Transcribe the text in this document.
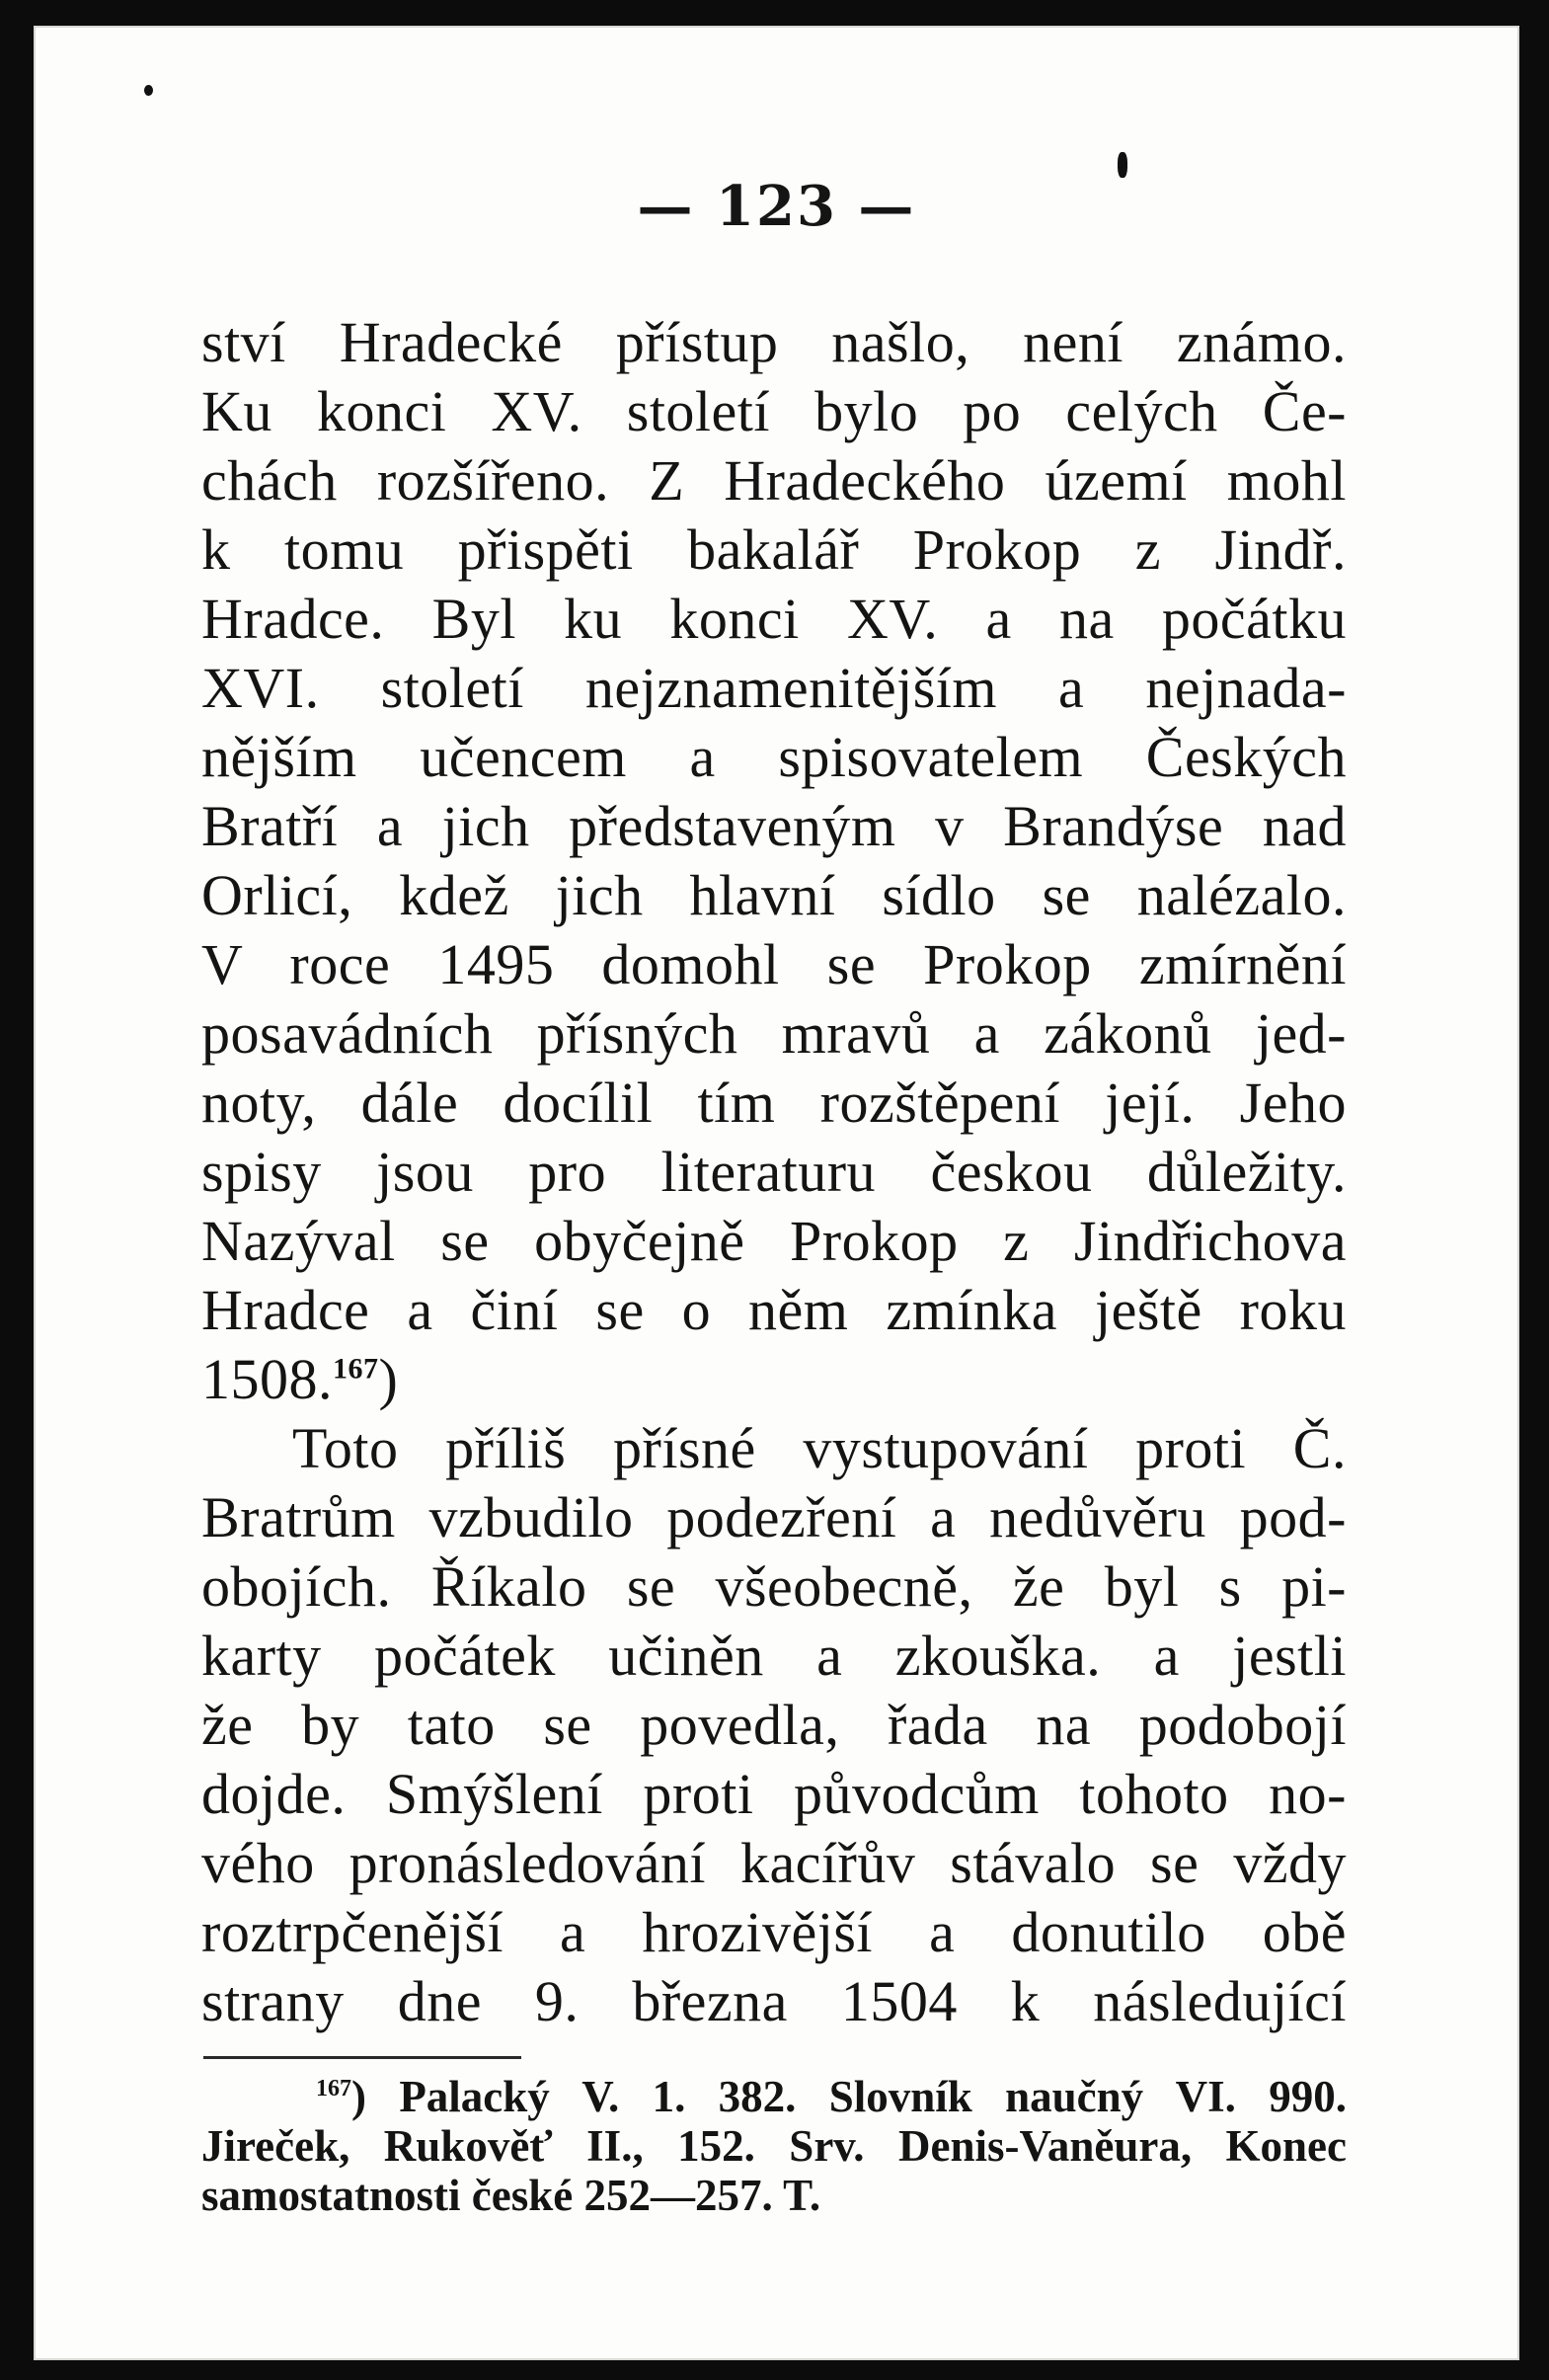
— 123 —
ství Hradecké přístup našlo, není známo.
Ku konci XV. století bylo po celých Če-
chách rozšířeno. Z Hradeckého území mohl
k tomu přispěti bakalář Prokop z Jindř.
Hradce. Byl ku konci XV. a na počátku
XVI. století nejznamenitějším a nejnada-
nějším učencem a spisovatelem Českých
Bratří a jich představeným v Brandýse nad
Orlicí, kdež jich hlavní sídlo se nalézalo.
V roce 1495 domohl se Prokop zmírnění
posavádních přísných mravů a zákonů jed-
noty, dále docílil tím rozštěpení její. Jeho
spisy jsou pro literaturu českou důležity.
Nazýval se obyčejně Prokop z Jindřichova
Hradce a činí se o něm zmínka ještě roku
1508.$^{167}$)
Toto příliš přísné vystupování proti Č.
Bratrům vzbudilo podezření a nedůvěru pod-
obojích. Říkalo se všeobecně, že byl s pi-
karty počátek učiněn a zkouška. a jestli
že by tato se povedla, řada na podobojí
dojde. Smýšlení proti původcům tohoto no-
vého pronásledování kacířův stávalo se vždy
roztrpčenější a hrozivější a donutilo obě
strany dne 9. března 1504 k následující
$^{167}$) Palacký V. 1. 382. Slovník naučný VI. 990.
Jireček, Rukověť II., 152. Srv. Denis-Vaněura, Konec
samostatnosti české 252—257. T.
